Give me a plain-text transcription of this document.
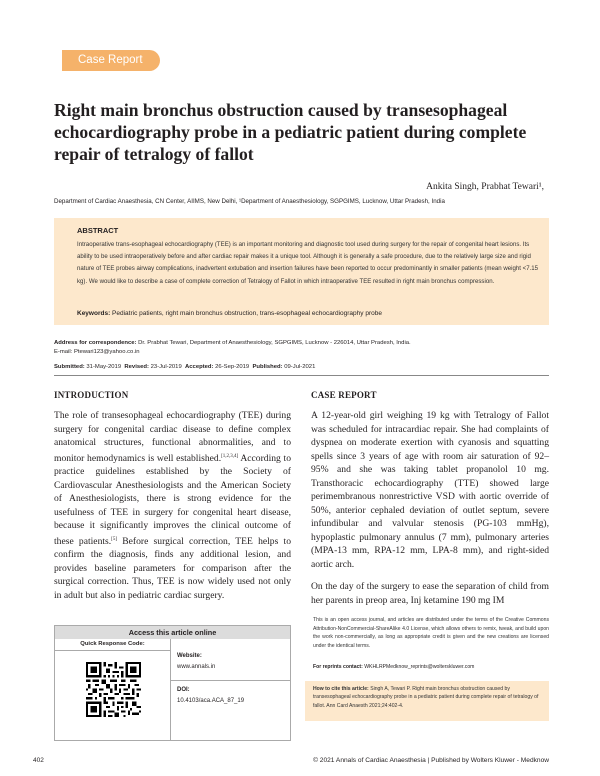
Case Report
Right main bronchus obstruction caused by transesophageal echocardiography probe in a pediatric patient during complete repair of tetralogy of fallot
Ankita Singh, Prabhat Tewari¹,
Department of Cardiac Anaesthesia, CN Center, AIIMS, New Delhi, ¹Department of Anaesthesiology, SGPGIMS, Lucknow, Uttar Pradesh, India
ABSTRACT
Intraoperative trans-esophageal echocardiography (TEE) is an important monitoring and diagnostic tool used during surgery for the repair of congenital heart lesions. Its ability to be used intraoperatively before and after cardiac repair makes it a unique tool. Although it is generally a safe procedure, due to the relatively large size and rigid nature of TEE probes airway complications, inadvertent extubation and insertion failures have been reported to occur predominantly in smaller patients (mean weight <7.15 kg). We would like to describe a case of complete correction of Tetralogy of Fallot in which intraoperative TEE resulted in right main bronchus compression.
Keywords: Pediatric patients, right main bronchus obstruction, trans-esophageal echocardiography probe
Address for correspondence: Dr. Prabhat Tewari, Department of Anaesthesiology, SGPGIMS, Lucknow - 226014, Uttar Pradesh, India.
E-mail: Ptewari123@yahoo.co.in
Submitted: 31-May-2019 Revised: 23-Jul-2019 Accepted: 26-Sep-2019 Published: 09-Jul-2021
INTRODUCTION
The role of transesophageal echocardiography (TEE) during surgery for congenital cardiac disease to define complex anatomical structures, functional abnormalities, and to monitor hemodynamics is well established.[1,2,3,4] According to practice guidelines established by the Society of Cardiovascular Anesthesiologists and the American Society of Anesthesiologists, there is strong evidence for the usefulness of TEE in surgery for congenital heart disease, because it significantly improves the clinical outcome of these patients.[5] Before surgical correction, TEE helps to confirm the diagnosis, finds any additional lesion, and provides baseline parameters for comparison after the surgical correction. Thus, TEE is now widely used not only in adult but also in pediatric cardiac surgery.
CASE REPORT

A 12-year-old girl weighing 19 kg with Tetralogy of Fallot was scheduled for intracardiac repair. She had complaints of dyspnea on moderate exertion with cyanosis and squatting spells since 3 years of age with room air saturation of 92–95% and she was taking tablet propanolol 10 mg. Transthoracic echocardiography (TTE) showed large perimembranous nonrestrictive VSD with aortic override of 50%, anterior cephaled deviation of outlet septum, severe infundibular and valvular stenosis (PG-103 mmHg), hypoplastic pulmonary annulus (7 mm), pulmonary arteries (MPA-13 mm, RPA-12 mm, LPA-8 mm), and right-sided aortic arch.

On the day of the surgery to ease the separation of child from her parents in preop area, Inj ketamine 190 mg IM

Access this article online
Quick Response Code:
Website:
www.annals.in
DOI:
10.4103/aca.ACA_87_19
This is an open access journal, and articles are distributed under the terms of the Creative Commons Attribution-NonCommercial-ShareAlike 4.0 License, which allows others to remix, tweak, and build upon the work non-commercially, as long as appropriate credit is given and the new creations are licensed under the identical terms.
For reprints contact: WKHLRPMedknow_reprints@wolterskluwer.com
How to cite this article: Singh A, Tewari P. Right main bronchus obstruction caused by transesophageal echocardiography probe in a pediatric patient during complete repair of tetralogy of fallot. Ann Card Anaesth 2021;24:402-4.
402	© 2021 Annals of Cardiac Anaesthesia | Published by Wolters Kluwer - Medknow
